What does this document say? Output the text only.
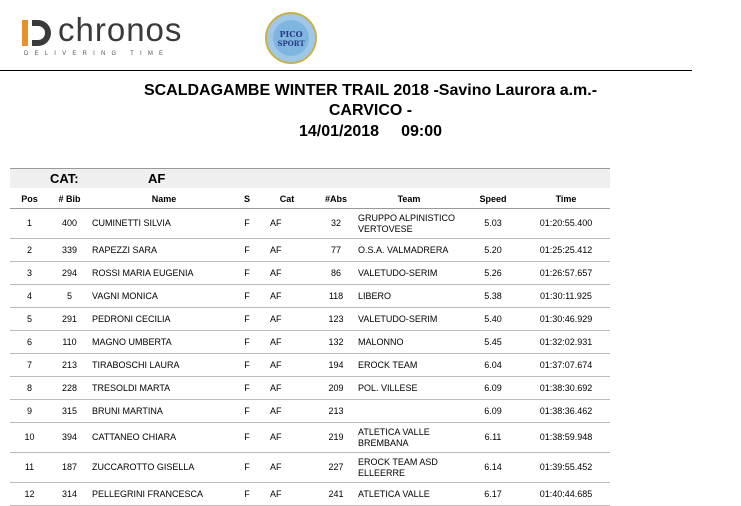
chronos
DELIVERING TIME
PICO
SPORT
SCALDAGAMBE WINTER TRAIL 2018 -Savino Laurora a.m.-
CARVICO -
14/01/2018 09:00
CAT:	AF
Pos	# Bib	Name	S	Cat	#Abs	Team	Speed	Time
1	400	CUMINETTI SILVIA	F	AF	32	GRUPPO ALPINISTICO
VERTOVESE	5.03	01:20:55.400
2	339	RAPEZZI SARA	F	AF	77	O.S.A. VALMADRERA	5.20	01:25:25.412
3	294	ROSSI MARIA EUGENIA	F	AF	86	VALETUDO-SERIM	5.26	01:26:57.657
4	5	VAGNI MONICA	F	AF	118	LIBERO	5.38	01:30:11.925
5	291	PEDRONI CECILIA	F	AF	123	VALETUDO-SERIM	5.40	01:30:46.929
6	110	MAGNO UMBERTA	F	AF	132	MALONNO	5.45	01:32:02.931
7	213	TIRABOSCHI LAURA	F	AF	194	EROCK TEAM	6.04	01:37:07.674
8	228	TRESOLDI MARTA	F	AF	209	POL. VILLESE	6.09	01:38:30.692
9	315	BRUNI MARTINA	F	AF	213		6.09	01:38:36.462
10	394	CATTANEO CHIARA	F	AF	219	ATLETICA VALLE
BREMBANA	6.11	01:38:59.948
11	187	ZUCCAROTTO GISELLA	F	AF	227	EROCK TEAM ASD
ELLEERRE	6.14	01:39:55.452
12	314	PELLEGRINI FRANCESCA	F	AF	241	ATLETICA VALLE	6.17	01:40:44.685
